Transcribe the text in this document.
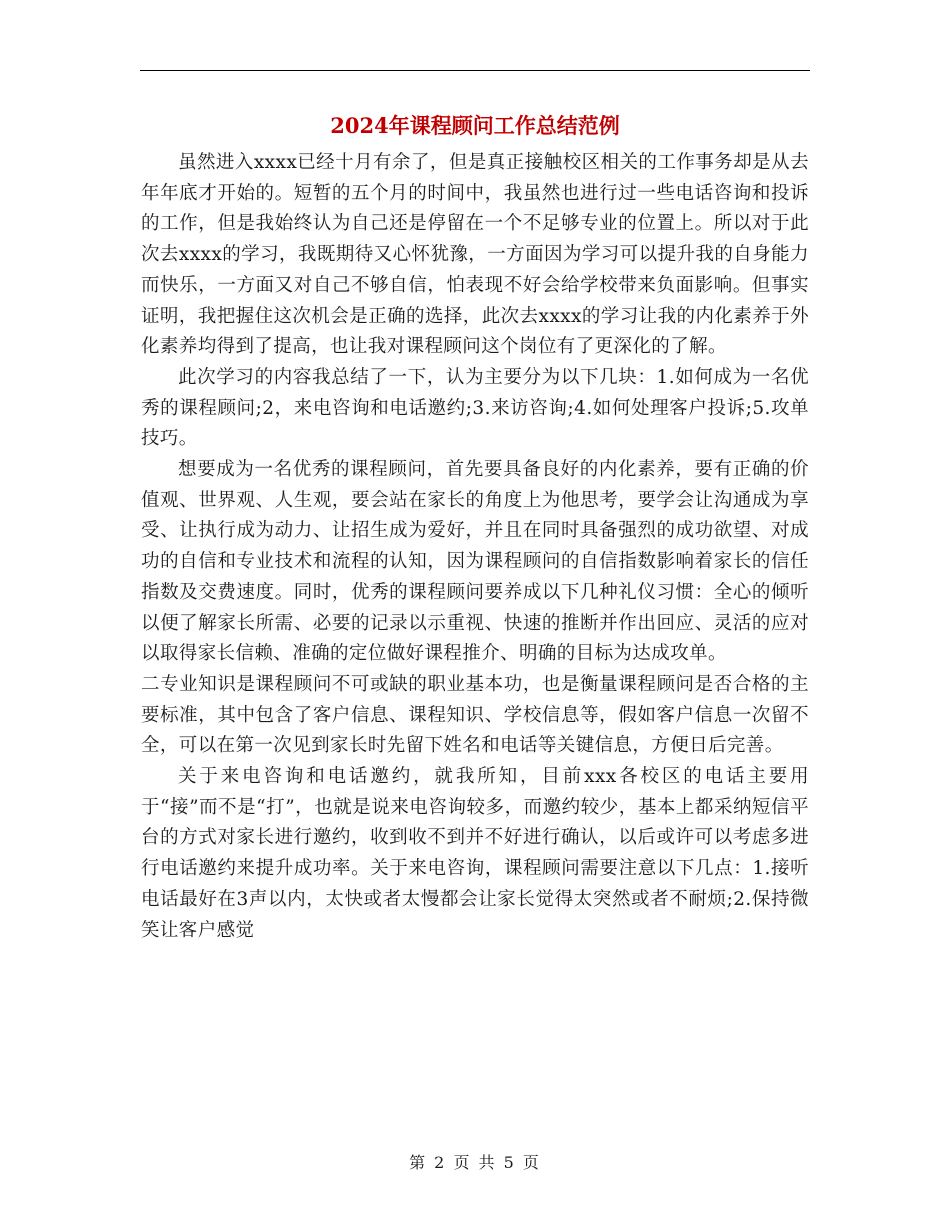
2024年课程顾问工作总结范例

虽然进入xxxx已经十月有余了，但是真正接触校区相关的工作事务却是从去年年底才开始的。短暂的五个月的时间中，我虽然也进行过一些电话咨询和投诉的工作，但是我始终认为自己还是停留在一个不足够专业的位置上。所以对于此次去xxxx的学习，我既期待又心怀犹豫，一方面因为学习可以提升我的自身能力而快乐，一方面又对自己不够自信，怕表现不好会给学校带来负面影响。但事实证明，我把握住这次机会是正确的选择，此次去xxxx的学习让我的内化素养于外化素养均得到了提高，也让我对课程顾问这个岗位有了更深化的了解。

此次学习的内容我总结了一下，认为主要分为以下几块：1.如何成为一名优秀的课程顾问;2，来电咨询和电话邀约;3.来访咨询;4.如何处理客户投诉;5.攻单技巧。

想要成为一名优秀的课程顾问，首先要具备良好的内化素养，要有正确的价值观、世界观、人生观，要会站在家长的角度上为他思考，要学会让沟通成为享受、让执行成为动力、让招生成为爱好，并且在同时具备强烈的成功欲望、对成功的自信和专业技术和流程的认知，因为课程顾问的自信指数影响着家长的信任指数及交费速度。同时，优秀的课程顾问要养成以下几种礼仪习惯：全心的倾听以便了解家长所需、必要的记录以示重视、快速的推断并作出回应、灵活的应对以取得家长信赖、准确的定位做好课程推介、明确的目标为达成攻单。

二专业知识是课程顾问不可或缺的职业基本功，也是衡量课程顾问是否合格的主要标准，其中包含了客户信息、课程知识、学校信息等，假如客户信息一次留不全，可以在第一次见到家长时先留下姓名和电话等关键信息，方便日后完善。

关于来电咨询和电话邀约，就我所知，目前xxx各校区的电话主要用于“接”而不是“打”，也就是说来电咨询较多，而邀约较少，基本上都采纳短信平台的方式对家长进行邀约，收到收不到并不好进行确认，以后或许可以考虑多进行电话邀约来提升成功率。关于来电咨询，课程顾问需要注意以下几点：1.接听电话最好在3声以内，太快或者太慢都会让家长觉得太突然或者不耐烦;2.保持微笑让客户感觉

第 2 页 共 5 页
